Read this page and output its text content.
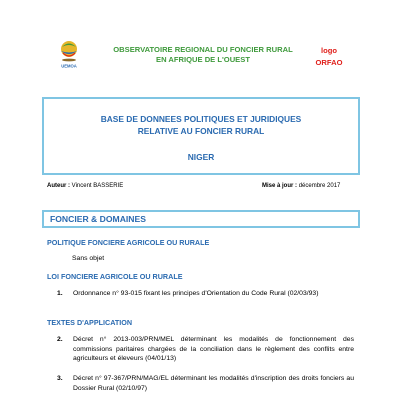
UEMOA
OBSERVATOIRE REGIONAL DU FONCIER RURAL
EN AFRIQUE DE L'OUEST
logo
ORFAO
BASE DE DONNEES POLITIQUES ET JURIDIQUES
RELATIVE AU FONCIER RURAL
NIGER
Auteur : Vincent BASSERIE	Mise à jour : décembre 2017
FONCIER & DOMAINES
POLITIQUE FONCIERE AGRICOLE OU RURALE
Sans objet
LOI FONCIERE AGRICOLE OU RURALE
1. Ordonnance n° 93-015 fixant les principes d'Orientation du Code Rural (02/03/93)
TEXTES D'APPLICATION
2. Décret n° 2013-003/PRN/MEL déterminant les modalités de fonctionnement des commissions paritaires chargées de la conciliation dans le règlement des conflits entre agriculteurs et éleveurs (04/01/13)
3. Décret n° 97-367/PRN/MAG/EL déterminant les modalités d'inscription des droits fonciers au Dossier Rural (02/10/97)
